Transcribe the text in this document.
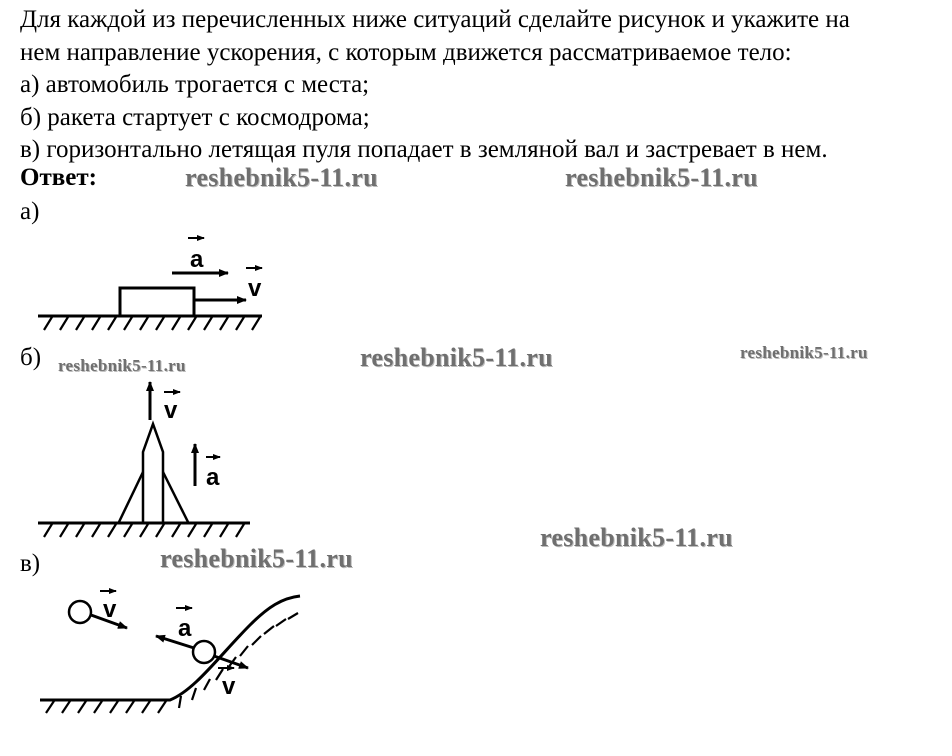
Для каждой из перечисленных ниже ситуаций сделайте рисунок и укажите на
нем направление ускорения, с которым движется рассматриваемое тело:
а) автомобиль трогается с места;
б) ракета стартует с космодрома;
в) горизонтально летящая пуля попадает в земляной вал и застревает в нем.
Ответ:
а)
б)
в)
reshebnik5-11.ru	reshebnik5-11.ru
reshebnik5-11.ru	reshebnik5-11.ru	reshebnik5-11.ru
reshebnik5-11.ru
reshebnik5-11.ru
a
v
v
a
v
a
v
